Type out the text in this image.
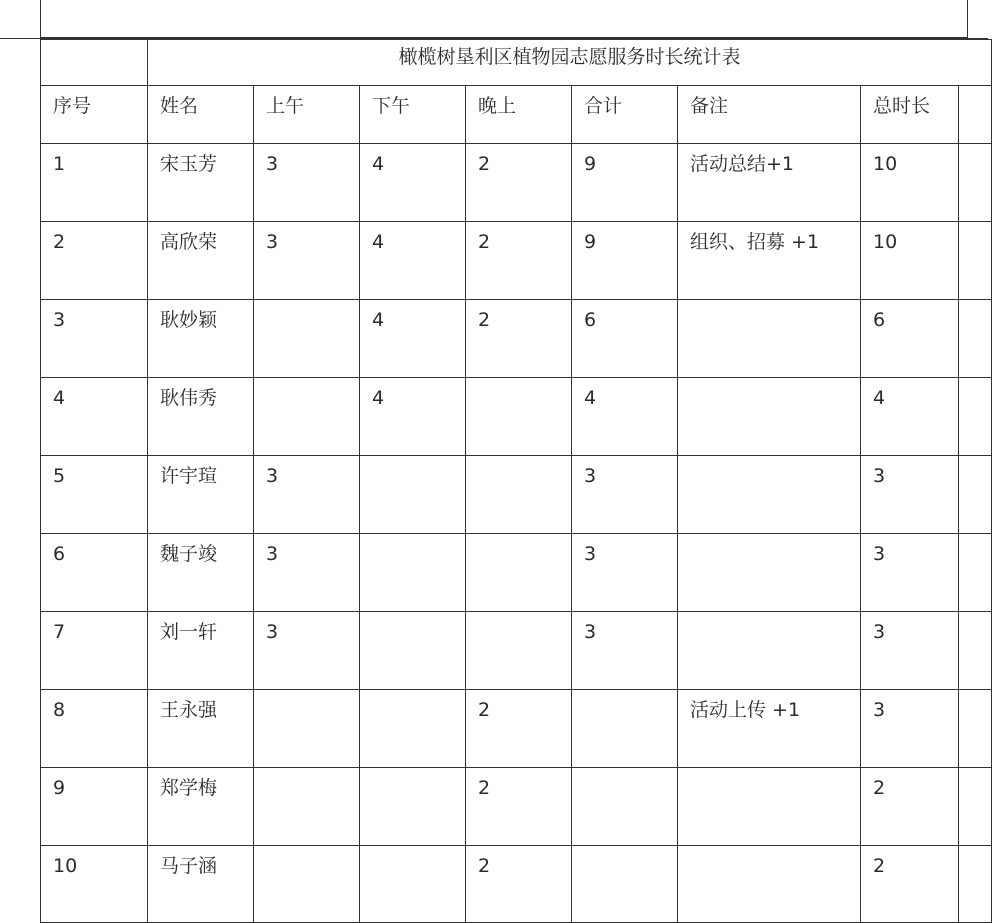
	橄榄树垦利区植物园志愿服务时长统计表							
序号	姓名	上午	下午	晚上	合计	备注	总时长	
1	宋玉芳	3	4	2	9	活动总结+1	10	
2	高欣荣	3	4	2	9	组织、招募 +1	10	
3	耿妙颖		4	2	6		6	
4	耿伟秀		4		4		4	
5	许宇瑄	3			3		3	
6	魏子竣	3			3		3	
7	刘一轩	3			3		3	
8	王永强			2		活动上传 +1	3	
9	郑学梅			2			2	
10	马子涵			2			2	
